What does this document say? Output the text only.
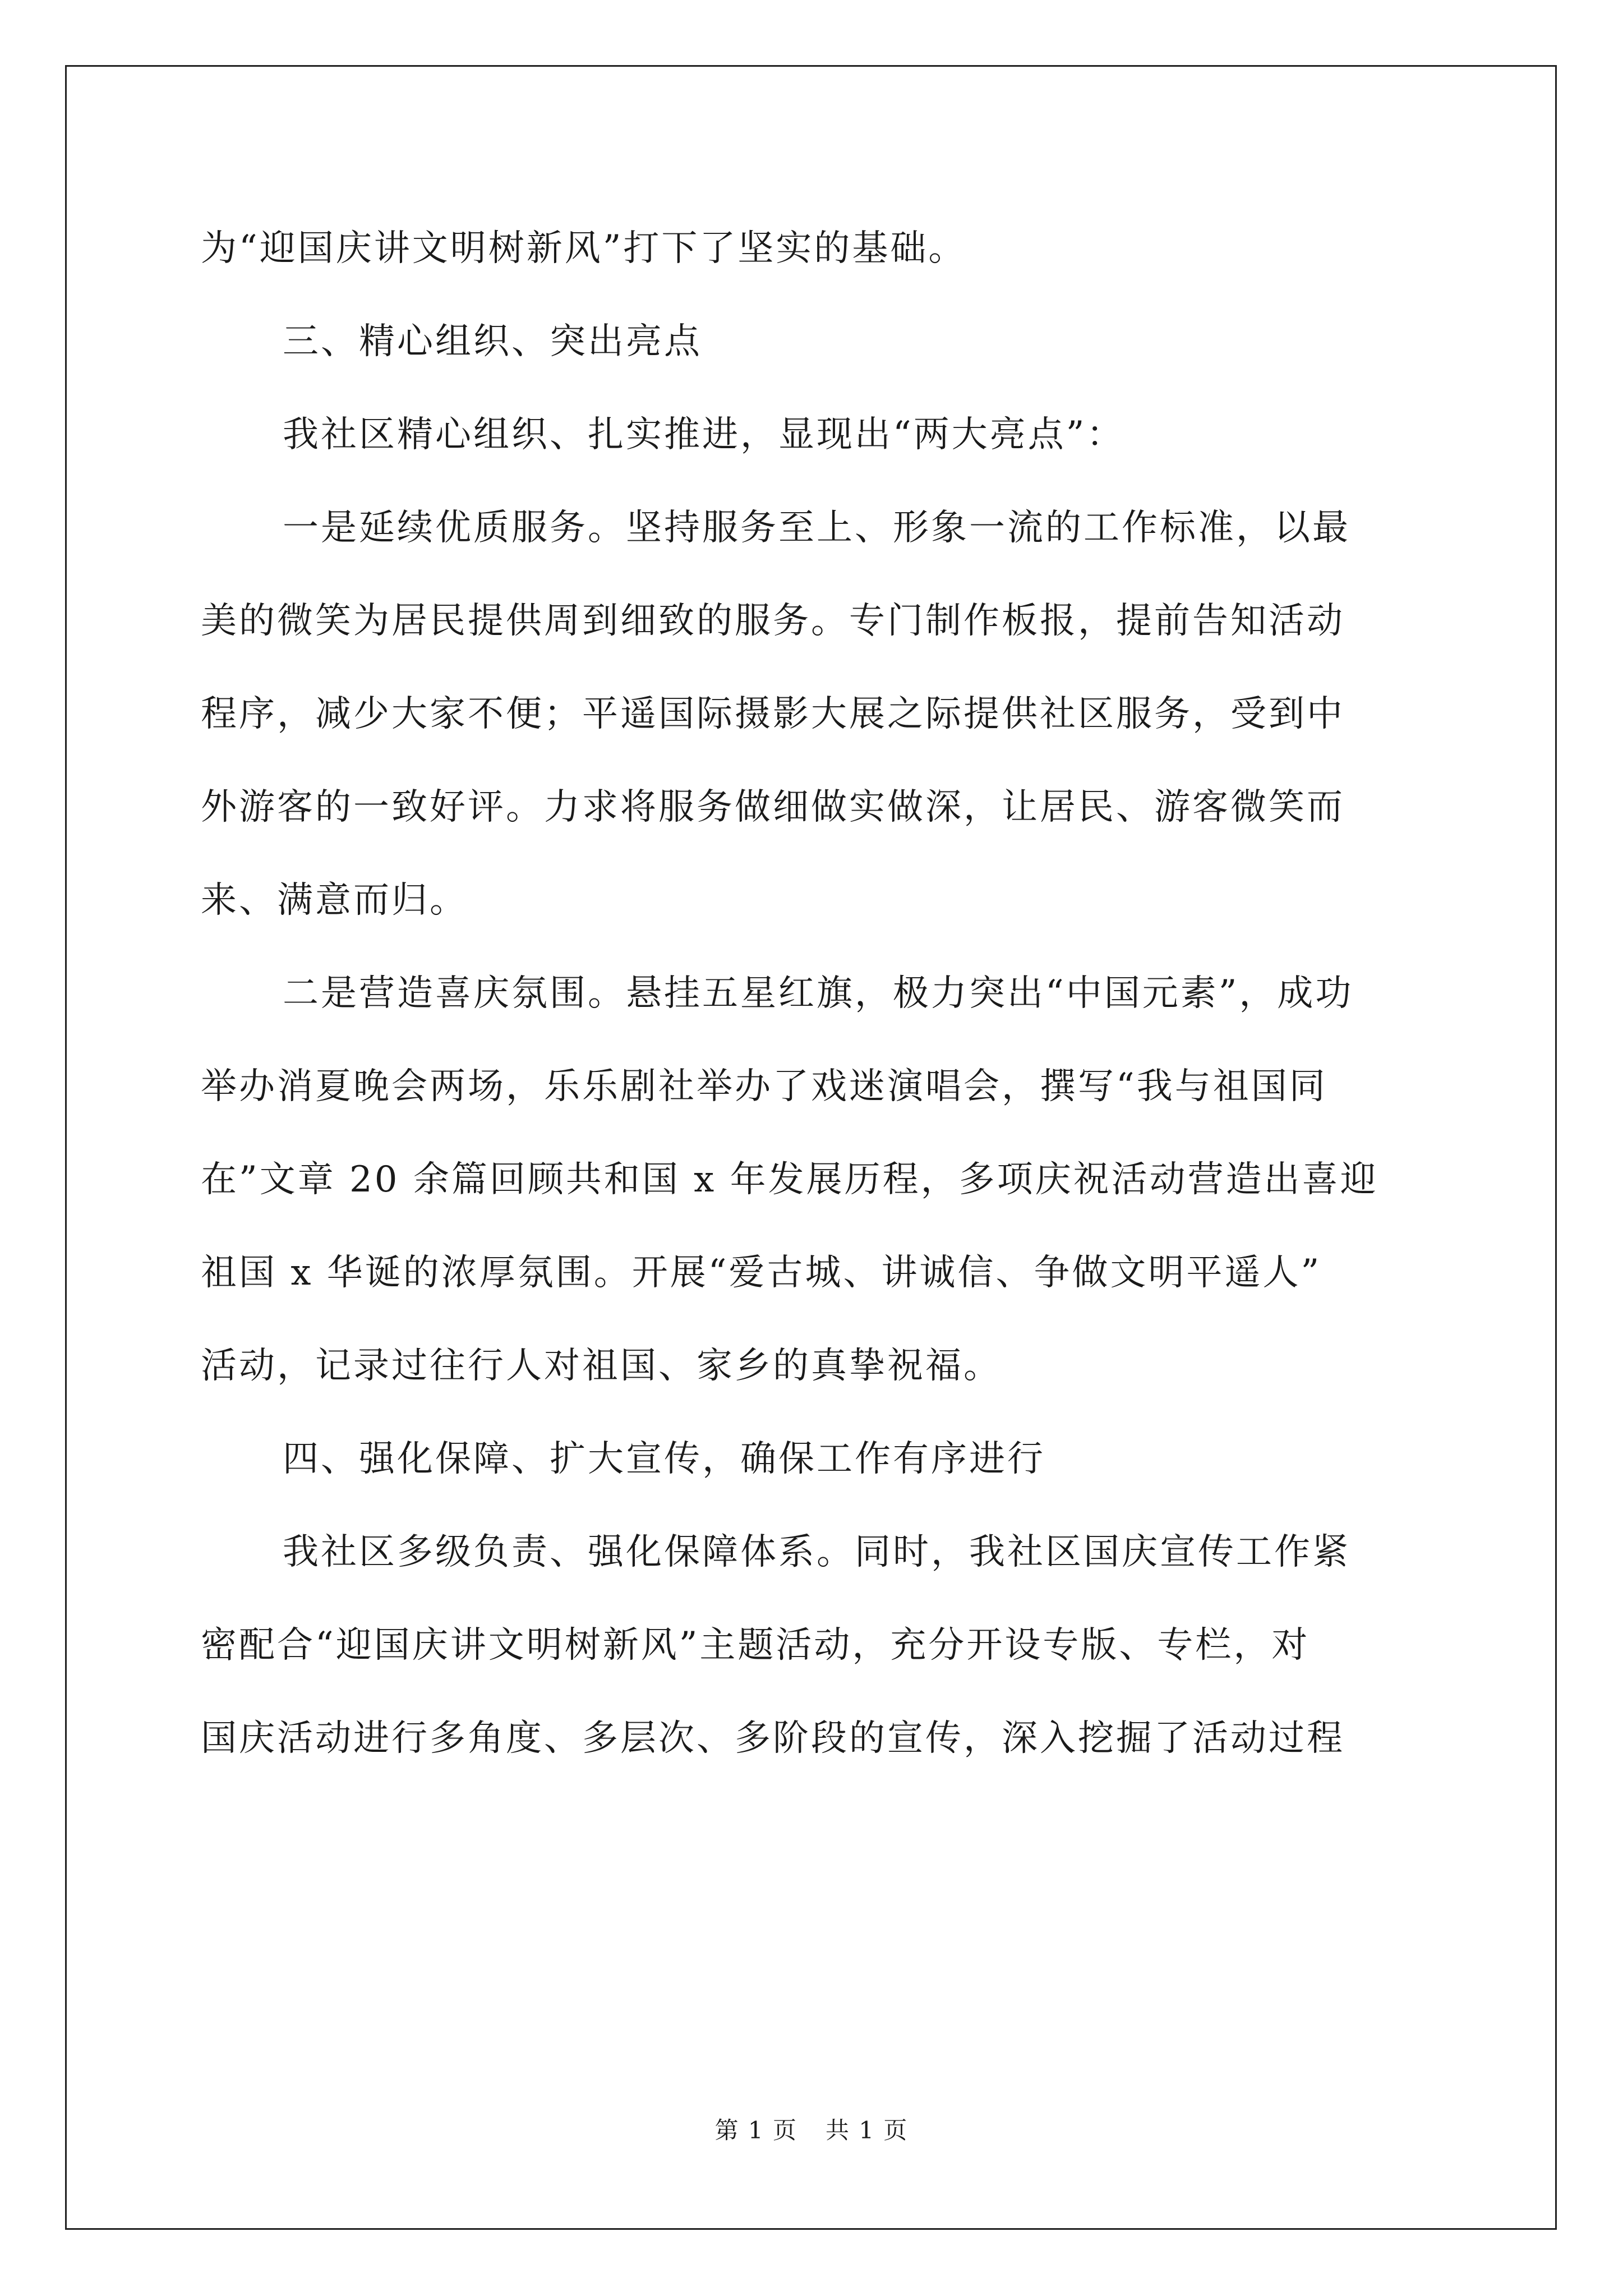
为“迎国庆讲文明树新风”打下了坚实的基础。
三、精心组织、突出亮点
我社区精心组织、扎实推进，显现出“两大亮点”：
一是延续优质服务。坚持服务至上、形象一流的工作标准，以最
美的微笑为居民提供周到细致的服务。专门制作板报，提前告知活动
程序，减少大家不便；平遥国际摄影大展之际提供社区服务，受到中
外游客的一致好评。力求将服务做细做实做深，让居民、游客微笑而
来、满意而归。
二是营造喜庆氛围。悬挂五星红旗，极力突出“中国元素”，成功
举办消夏晚会两场，乐乐剧社举办了戏迷演唱会，撰写“我与祖国同
在”文章 20 余篇回顾共和国 x 年发展历程，多项庆祝活动营造出喜迎
祖国 x 华诞的浓厚氛围。开展“爱古城、讲诚信、争做文明平遥人”
活动，记录过往行人对祖国、家乡的真挚祝福。
四、强化保障、扩大宣传，确保工作有序进行
我社区多级负责、强化保障体系。同时，我社区国庆宣传工作紧
密配合“迎国庆讲文明树新风”主题活动，充分开设专版、专栏，对
国庆活动进行多角度、多层次、多阶段的宣传，深入挖掘了活动过程
第 1 页 共 1 页
